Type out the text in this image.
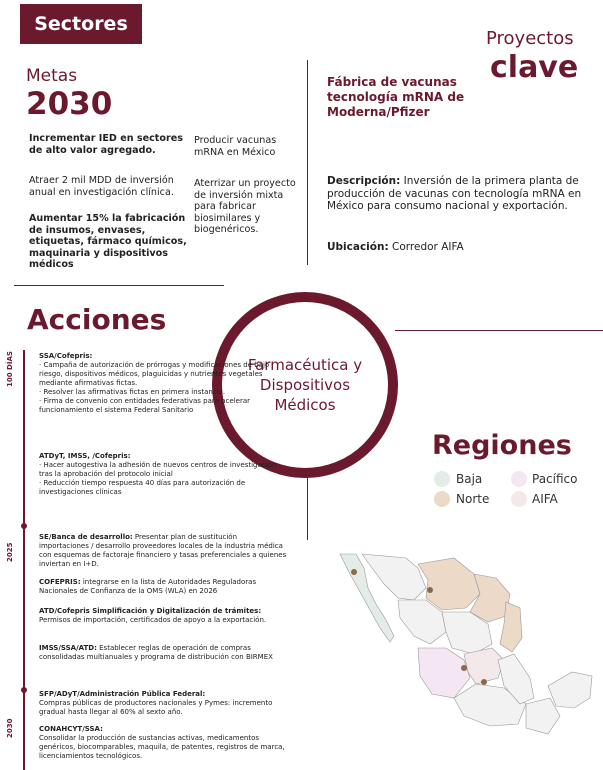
Sectores
Metas
2030
Incrementar IED en sectores de alto valor agregado.
Atraer 2 mil MDD de inversión anual en investigación clínica.
Aumentar 15% la fabricación de insumos, envases, etiquetas, fármaco químicos, maquinaria y dispositivos médicos
Producir vacunas mRNA en México
Aterrizar un proyecto de inversión mixta para fabricar biosimilares y biogenéricos.
Proyectos
clave
Fábrica de vacunas tecnología mRNA de Moderna/Pfizer
Descripción: Inversión de la primera planta de producción de vacunas con tecnología mRNA en México para consumo nacional y exportación.
Ubicación: Corredor AIFA
Farmacéutica y Dispositivos Médicos
Acciones
100 DÍAS
2025
2030
SSA/Cofepris:
· Campaña de autorización de prórrogas y modificaciones de bajo riesgo, dispositivos médicos, plaguicidas y nutrientes vegetales mediante afirmativas fictas.
· Resolver las afirmativas fictas en primera instancia.
· Firma de convenio con entidades federativas para acelerar funcionamiento el sistema Federal Sanitario
ATDyT, IMSS, /Cofepris:
· Hacer autogestiva la adhesión de nuevos centros de investigación tras la aprobación del protocolo inicial
· Reducción tiempo respuesta 40 días para autorización de investigaciones clínicas
SE/Banca de desarrollo: Presentar plan de sustitución importaciones / desarrollo proveedores locales de la industria médica con esquemas de factoraje financiero y tasas preferenciales a quienes inviertan en I+D.
COFEPRIS: integrarse en la lista de Autoridades Reguladoras Nacionales de Confianza de la OMS (WLA) en 2026
ATD/Cofepris Simplificación y Digitalización de trámites: Permisos de importación, certificados de apoyo a la exportación.
IMSS/SSA/ATD: Establecer reglas de operación de compras consolidadas multianuales y programa de distribución con BIRMEX
SFP/ADyT/Administración Pública Federal:
Compras públicas de productores nacionales y Pymes: incremento gradual hasta llegar al 60% al sexto año.
CONAHCYT/SSA:
Consolidar la producción de sustancias activas, medicamentos genéricos, biocomparables, maquila, de patentes, registros de marca, licenciamientos tecnológicos.
Regiones
Baja	Pacífico
Norte	AIFA
